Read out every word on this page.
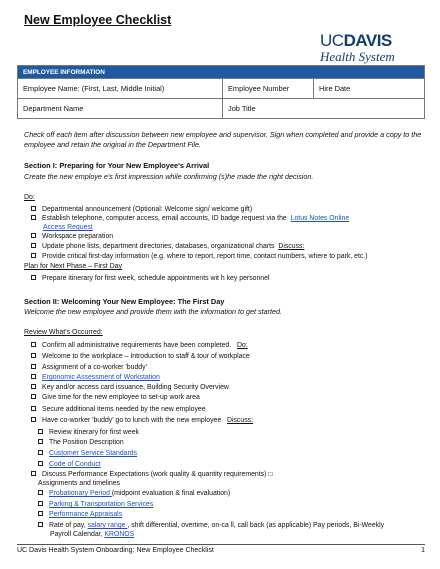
New Employee Checklist
UCDAVIS
Health System
EMPLOYEE INFORMATION		
Employee Name: (First, Last, Middle Initial)	Employee Number	Hire Date
Department Name	Job Title	

Check off each item after discussion between new employee and supervisor. Sign when completed and provide a copy to the employee and retain the original in the Department File.

Section I: Preparing for Your New Employee's Arrival

Create the new employe e's first impression while confirming (s)he made the right decision.

Do:

Departmental announcement (Optional: Welcome sign/ welcome gift)

Establish telephone, computer access, email accounts, ID badge request via the Lotus Notes Online

Access Request

Workspace preparation

Update phone lists, department directories, databases, organizational charts Discuss:

Provide critical first-day information (e.g. where to report, report time, contact numbers, where to park, etc.)

Plan for Next Phase – First Day

Prepare itinerary for first week, schedule appointments wit h key personnel

Section II: Welcoming Your New Employee: The First Day

Welcome the new employee and provide them with the information to get started.

Review What's Occurred:

Confirm all administrative requirements have been completed. Do:

Welcome to the workplace – Introduction to staff & tour of workplace

Assignment of a co-worker 'buddy'

Ergonomic Assessment of Workstation

Key and/or access card issuance, Building Security Overview

Give time for the new employee to set-up work area

Secure additional items needed by the new employee

Have co-worker 'buddy' go to lunch with the new employee Discuss:

Review itinerary for first week

The Position Description

Customer Service Standards

Code of Conduct

Discuss Performance Expectations (work quality & quantity requirements) □

Assignments and timelines

Probationary Period (midpoint evaluation & final evaluation)

Parking & Transportation Services

Performance Appraisals

Rate of pay, salary range , shift differential, overtime, on-ca ll, call back (as applicable) Pay periods, Bi-Weekly

Payroll Calendar, KRONOS

UC Davis Health System Onboarding: New Employee Checklist	1
